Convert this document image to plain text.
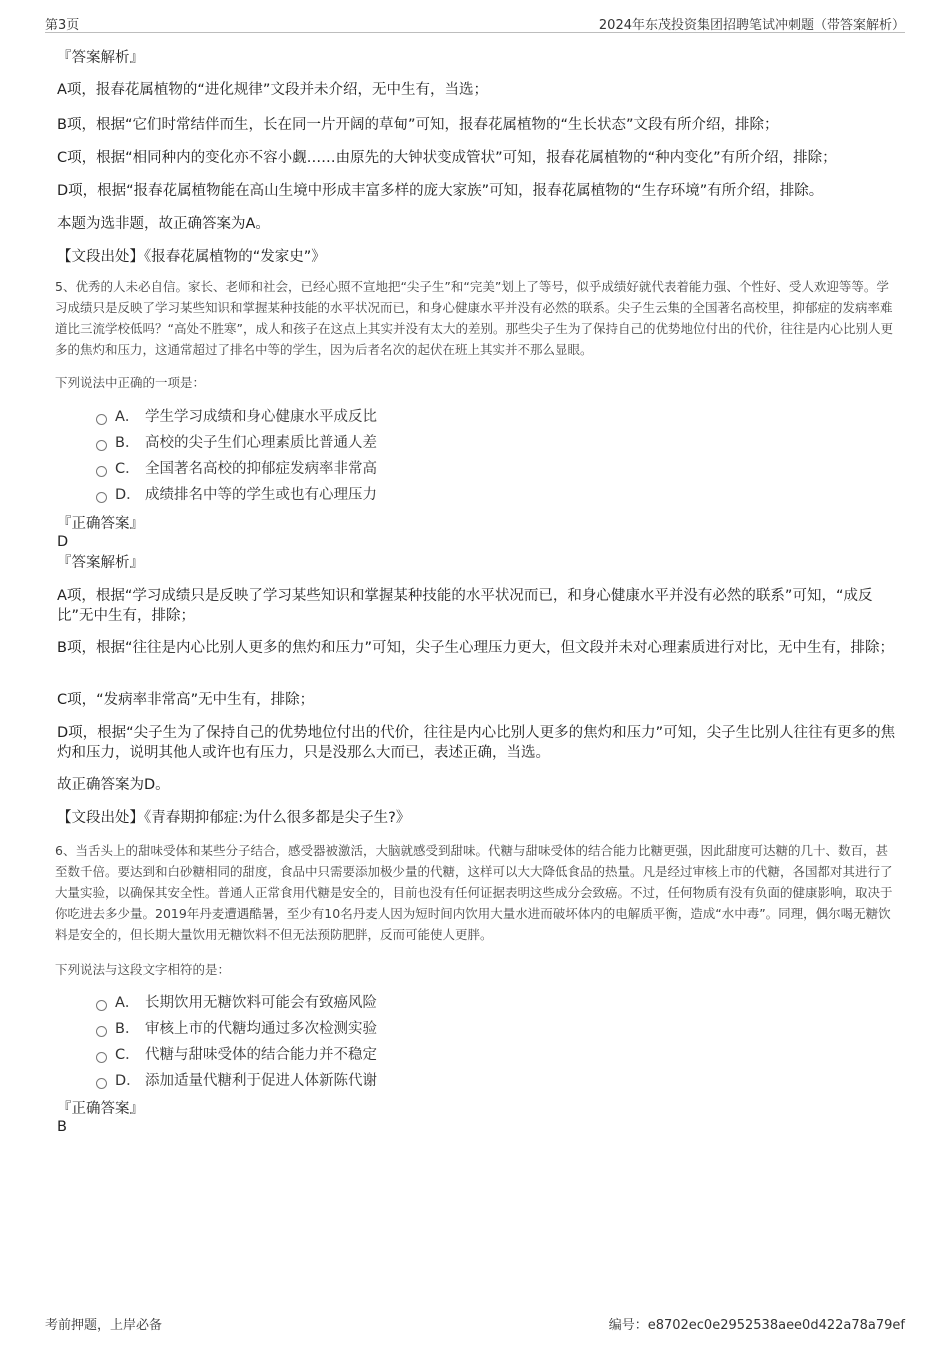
第3页	2024年东茂投资集团招聘笔试冲刺题（带答案解析）
『答案解析』
A项，报春花属植物的“进化规律”文段并未介绍，无中生有，当选；
B项，根据“它们时常结伴而生，长在同一片开阔的草甸”可知，报春花属植物的“生长状态”文段有所介绍，排除；
C项，根据“相同种内的变化亦不容小觑……由原先的大钟状变成管状”可知，报春花属植物的“种内变化”有所介绍，排除；
D项，根据“报春花属植物能在高山生境中形成丰富多样的庞大家族”可知，报春花属植物的“生存环境”有所介绍，排除。
本题为选非题，故正确答案为A。
【文段出处】《报春花属植物的“发家史”》
5、优秀的人未必自信。家长、老师和社会，已经心照不宣地把“尖子生”和“完美”划上了等号，似乎成绩好就代表着能力强、个性好、受人欢迎等等。学习成绩只是反映了学习某些知识和掌握某种技能的水平状况而已，和身心健康水平并没有必然的联系。尖子生云集的全国著名高校里，抑郁症的发病率难道比三流学校低吗？“高处不胜寒”，成人和孩子在这点上其实并没有太大的差别。那些尖子生为了保持自己的优势地位付出的代价，往往是内心比别人更多的焦灼和压力，这通常超过了排名中等的学生，因为后者名次的起伏在班上其实并不那么显眼。
下列说法中正确的一项是：
A． 学生学习成绩和身心健康水平成反比
B． 高校的尖子生们心理素质比普通人差
C． 全国著名高校的抑郁症发病率非常高
D． 成绩排名中等的学生或也有心理压力
『正确答案』
D
『答案解析』
A项，根据“学习成绩只是反映了学习某些知识和掌握某种技能的水平状况而已，和身心健康水平并没有必然的联系”可知，“成反比”无中生有，排除；
B项，根据“往往是内心比别人更多的焦灼和压力”可知，尖子生心理压力更大，但文段并未对心理素质进行对比，无中生有，排除；
C项，“发病率非常高”无中生有，排除；
D项，根据“尖子生为了保持自己的优势地位付出的代价，往往是内心比别人更多的焦灼和压力”可知，尖子生比别人往往有更多的焦灼和压力，说明其他人或许也有压力，只是没那么大而已，表述正确，当选。
故正确答案为D。
【文段出处】《青春期抑郁症:为什么很多都是尖子生?》
6、当舌头上的甜味受体和某些分子结合，感受器被激活，大脑就感受到甜味。代糖与甜味受体的结合能力比糖更强，因此甜度可达糖的几十、数百，甚至数千倍。要达到和白砂糖相同的甜度，食品中只需要添加极少量的代糖，这样可以大大降低食品的热量。凡是经过审核上市的代糖，各国都对其进行了大量实验，以确保其安全性。普通人正常食用代糖是安全的，目前也没有任何证据表明这些成分会致癌。不过，任何物质有没有负面的健康影响，取决于你吃进去多少量。2019年丹麦遭遇酷暑，至少有10名丹麦人因为短时间内饮用大量水进而破坏体内的电解质平衡，造成“水中毒”。同理，偶尔喝无糖饮料是安全的，但长期大量饮用无糖饮料不但无法预防肥胖，反而可能使人更胖。
下列说法与这段文字相符的是：
A． 长期饮用无糖饮料可能会有致癌风险
B． 审核上市的代糖均通过多次检测实验
C． 代糖与甜味受体的结合能力并不稳定
D． 添加适量代糖利于促进人体新陈代谢
『正确答案』
B
考前押题，上岸必备	编号：e8702ec0e2952538aee0d422a78a79ef
